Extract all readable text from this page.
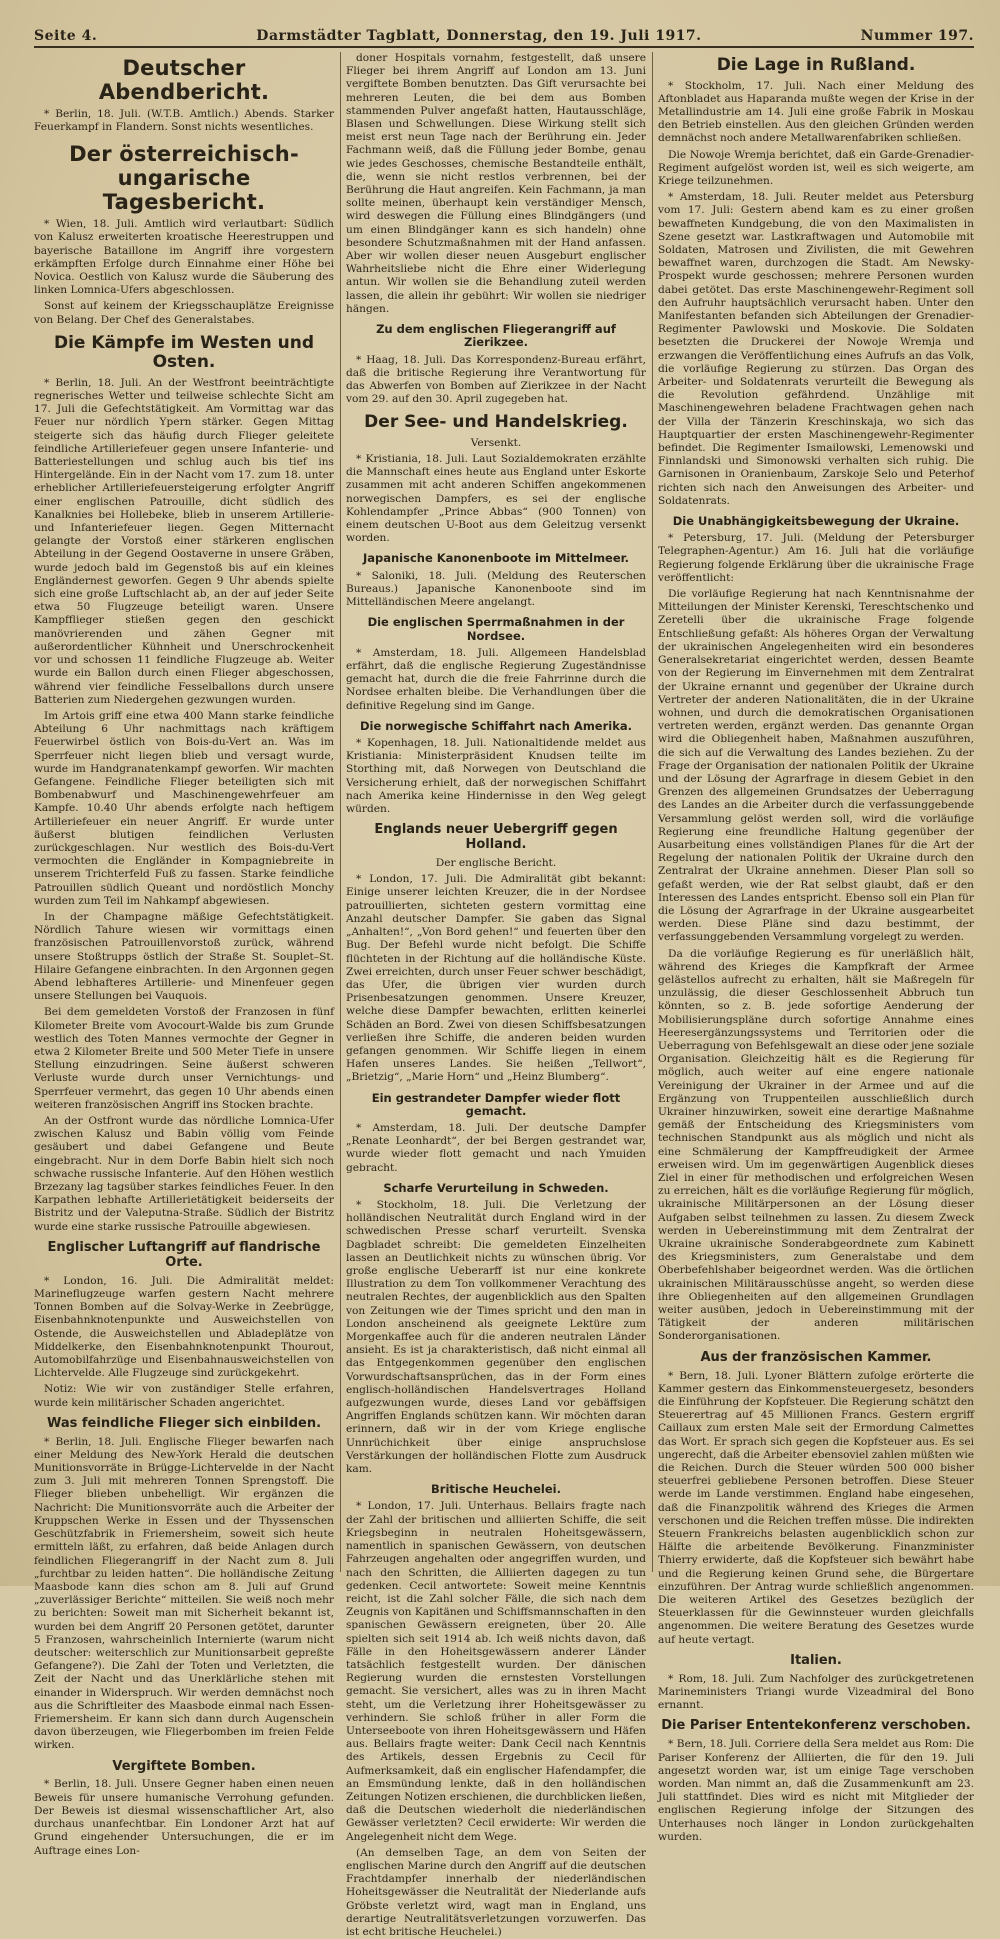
Seite 4.	Darmstädter Tagblatt, Donnerstag, den 19. Juli 1917.	Nummer 197.
Deutscher Abendbericht.

* Berlin, 18. Juli. (W.T.B. Amtlich.) Abends. Starker Feuerkampf in Flandern. Sonst nichts wesentliches.

Der österreichisch-ungarische Tagesbericht.

* Wien, 18. Juli. Amtlich wird verlautbart: Südlich von Kalusz erweiterten kroatische Heerestruppen und bayerische Bataillone im Angriff ihre vorgestern erkämpften Erfolge durch Einnahme einer Höhe bei Novica. Oestlich von Kalusz wurde die Säuberung des linken Lomnica-Ufers abgeschlossen.

Sonst auf keinem der Kriegsschauplätze Ereignisse von Belang. Der Chef des Generalstabes.

Die Kämpfe im Westen und Osten.

* Berlin, 18. Juli. An der Westfront beeinträchtigte regnerisches Wetter und teilweise schlechte Sicht am 17. Juli die Gefechtstätigkeit. Am Vormittag war das Feuer nur nördlich Ypern stärker. Gegen Mittag steigerte sich das häufig durch Flieger geleitete feindliche Artilleriefeuer gegen unsere Infanterie- und Batteriestellungen und schlug auch bis tief ins Hintergelände. Ein in der Nacht vom 17. zum 18. unter erheblicher Artilleriefeuersteigerung erfolgter Angriff einer englischen Patrouille, dicht südlich des Kanalknies bei Hollebeke, blieb in unserem Artillerie- und Infanteriefeuer liegen. Gegen Mitternacht gelangte der Vorstoß einer stärkeren englischen Abteilung in der Gegend Oostaverne in unsere Gräben, wurde jedoch bald im Gegenstoß bis auf ein kleines Engländernest geworfen. Gegen 9 Uhr abends spielte sich eine große Luftschlacht ab, an der auf jeder Seite etwa 50 Flugzeuge beteiligt waren. Unsere Kampfflieger stießen gegen den geschickt manövrierenden und zähen Gegner mit außerordentlicher Kühnheit und Unerschrockenheit vor und schossen 11 feindliche Flugzeuge ab. Weiter wurde ein Ballon durch einen Flieger abgeschossen, während vier feindliche Fesselballons durch unsere Batterien zum Niedergehen gezwungen wurden.

Im Artois griff eine etwa 400 Mann starke feindliche Abteilung 6 Uhr nachmittags nach kräftigem Feuerwirbel östlich von Bois-du-Vert an. Was im Sperrfeuer nicht liegen blieb und versagt wurde, wurde im Handgranatenkampf geworfen. Wir machten Gefangene. Feindliche Flieger beteiligten sich mit Bombenabwurf und Maschinengewehrfeuer am Kampfe. 10.40 Uhr abends erfolgte nach heftigem Artilleriefeuer ein neuer Angriff. Er wurde unter äußerst blutigen feindlichen Verlusten zurückgeschlagen. Nur westlich des Bois-du-Vert vermochten die Engländer in Kompagniebreite in unserem Trichterfeld Fuß zu fassen. Starke feindliche Patrouillen südlich Queant und nordöstlich Monchy wurden zum Teil im Nahkampf abgewiesen.

In der Champagne mäßige Gefechtstätigkeit. Nördlich Tahure wiesen wir vormittags einen französischen Patrouillenvorstoß zurück, während unsere Stoßtrupps östlich der Straße St. Souplet–St. Hilaire Gefangene einbrachten. In den Argonnen gegen Abend lebhafteres Artillerie- und Minenfeuer gegen unsere Stellungen bei Vauquois.

Bei dem gemeldeten Vorstoß der Franzosen in fünf Kilometer Breite vom Avocourt-Walde bis zum Grunde westlich des Toten Mannes vermochte der Gegner in etwa 2 Kilometer Breite und 500 Meter Tiefe in unsere Stellung einzudringen. Seine äußerst schweren Verluste wurde durch unser Vernichtungs- und Sperrfeuer vermehrt, das gegen 10 Uhr abends einen weiteren französischen Angriff ins Stocken brachte.

An der Ostfront wurde das nördliche Lomnica-Ufer zwischen Kalusz und Babin völlig vom Feinde gesäubert und dabei Gefangene und Beute eingebracht. Nur in dem Dorfe Babin hielt sich noch schwache russische Infanterie. Auf den Höhen westlich Brzezany lag tagsüber starkes feindliches Feuer. In den Karpathen lebhafte Artillerietätigkeit beiderseits der Bistritz und der Valeputna-Straße. Südlich der Bistritz wurde eine starke russische Patrouille abgewiesen.

Englischer Luftangriff auf flandrische Orte.

* London, 16. Juli. Die Admiralität meldet: Marineflugzeuge warfen gestern Nacht mehrere Tonnen Bomben auf die Solvay-Werke in Zeebrügge, Eisenbahnknotenpunkte und Ausweichstellen von Ostende, die Ausweichstellen und Abladeplätze von Middelkerke, den Eisenbahnknotenpunkt Thourout, Automobilfahrzüge und Eisenbahnausweichstellen von Lichtervelde. Alle Flugzeuge sind zurückgekehrt.

Notiz: Wie wir von zuständiger Stelle erfahren, wurde kein militärischer Schaden angerichtet.

Was feindliche Flieger sich einbilden.

* Berlin, 18. Juli. Englische Flieger bewarfen nach einer Meldung des New-York Herald die deutschen Munitionsvorräte in Brügge-Lichtervelde in der Nacht zum 3. Juli mit mehreren Tonnen Sprengstoff. Die Flieger blieben unbehelligt. Wir ergänzen die Nachricht: Die Munitionsvorräte auch die Arbeiter der Kruppschen Werke in Essen und der Thyssenschen Geschützfabrik in Friemersheim, soweit sich heute ermitteln läßt, zu erfahren, daß beide Anlagen durch feindlichen Fliegerangriff in der Nacht zum 8. Juli „furchtbar zu leiden hatten“. Die holländische Zeitung Maasbode kann dies schon am 8. Juli auf Grund „zuverlässiger Berichte“ mitteilen. Sie weiß noch mehr zu berichten: Soweit man mit Sicherheit bekannt ist, wurden bei dem Angriff 20 Personen getötet, darunter 5 Franzosen, wahrscheinlich Internierte (warum nicht deutscher: weiterschlich zur Munitionsarbeit gepreßte Gefangene?). Die Zahl der Toten und Verletzten, die Zeit der Nacht und das Unerklärliche stehen mit einander in Widerspruch. Wir werden demnächst noch aus die Schriftleiter des Maasbode einmal nach Essen-Friemersheim. Er kann sich dann durch Augenschein davon überzeugen, wie Fliegerbomben im freien Felde wirken.

Vergiftete Bomben.

* Berlin, 18. Juli. Unsere Gegner haben einen neuen Beweis für unsere humanische Verrohung gefunden. Der Beweis ist diesmal wissenschaftlicher Art, also durchaus unanfechtbar. Ein Londoner Arzt hat auf Grund eingehender Untersuchungen, die er im Auftrage eines Lon-

doner Hospitals vornahm, festgestellt, daß unsere Flieger bei ihrem Angriff auf London am 13. Juni vergiftete Bomben benutzten. Das Gift verursachte bei mehreren Leuten, die bei dem aus Bomben stammenden Pulver angefaßt hatten, Hautausschläge, Blasen und Schwellungen. Diese Wirkung stellt sich meist erst neun Tage nach der Berührung ein. Jeder Fachmann weiß, daß die Füllung jeder Bombe, genau wie jedes Geschosses, chemische Bestandteile enthält, die, wenn sie nicht restlos verbrennen, bei der Berührung die Haut angreifen. Kein Fachmann, ja man sollte meinen, überhaupt kein verständiger Mensch, wird deswegen die Füllung eines Blindgängers (und um einen Blindgänger kann es sich handeln) ohne besondere Schutzmaßnahmen mit der Hand anfassen. Aber wir wollen dieser neuen Ausgeburt englischer Wahrheitsliebe nicht die Ehre einer Widerlegung antun. Wir wollen sie die Behandlung zuteil werden lassen, die allein ihr gebührt: Wir wollen sie niedriger hängen.

Zu dem englischen Fliegerangriff auf Zierikzee.

* Haag, 18. Juli. Das Korrespondenz-Bureau erfährt, daß die britische Regierung ihre Verantwortung für das Abwerfen von Bomben auf Zierikzee in der Nacht vom 29. auf den 30. April zugegeben hat.

Der See- und Handelskrieg.
Versenkt.

* Kristiania, 18. Juli. Laut Sozialdemokraten erzählte die Mannschaft eines heute aus England unter Eskorte zusammen mit acht anderen Schiffen angekommenen norwegischen Dampfers, es sei der englische Kohlendampfer „Prince Abbas“ (900 Tonnen) von einem deutschen U-Boot aus dem Geleitzug versenkt worden.

Japanische Kanonenboote im Mittelmeer.

* Saloniki, 18. Juli. (Meldung des Reuterschen Bureaus.) Japanische Kanonenboote sind im Mittelländischen Meere angelangt.

Die englischen Sperrmaßnahmen in der Nordsee.

* Amsterdam, 18. Juli. Allgemeen Handelsblad erfährt, daß die englische Regierung Zugeständnisse gemacht hat, durch die die freie Fahrrinne durch die Nordsee erhalten bleibe. Die Verhandlungen über die definitive Regelung sind im Gange.

Die norwegische Schiffahrt nach Amerika.

* Kopenhagen, 18. Juli. Nationaltidende meldet aus Kristiania: Ministerpräsident Knudsen teilte im Storthing mit, daß Norwegen von Deutschland die Versicherung erhielt, daß der norwegischen Schiffahrt nach Amerika keine Hindernisse in den Weg gelegt würden.

Englands neuer Uebergriff gegen Holland.
Der englische Bericht.

* London, 17. Juli. Die Admiralität gibt bekannt: Einige unserer leichten Kreuzer, die in der Nordsee patrouillierten, sichteten gestern vormittag eine Anzahl deutscher Dampfer. Sie gaben das Signal „Anhalten!“, „Von Bord gehen!“ und feuerten über den Bug. Der Befehl wurde nicht befolgt. Die Schiffe flüchteten in der Richtung auf die holländische Küste. Zwei erreichten, durch unser Feuer schwer beschädigt, das Ufer, die übrigen vier wurden durch Prisenbesatzungen genommen. Unsere Kreuzer, welche diese Dampfer bewachten, erlitten keinerlei Schäden an Bord. Zwei von diesen Schiffsbesatzungen verließen ihre Schiffe, die anderen beiden wurden gefangen genommen. Wir Schiffe liegen in einem Hafen unseres Landes. Sie heißen „Tellwort“, „Brietzig“, „Marie Horn“ und „Heinz Blumberg“.

Ein gestrandeter Dampfer wieder flott gemacht.

* Amsterdam, 18. Juli. Der deutsche Dampfer „Renate Leonhardt“, der bei Bergen gestrandet war, wurde wieder flott gemacht und nach Ymuiden gebracht.

Scharfe Verurteilung in Schweden.

* Stockholm, 18. Juli. Die Verletzung der holländischen Neutralität durch England wird in der schwedischen Presse scharf verurteilt. Svenska Dagbladet schreibt: Die gemeldeten Einzelheiten lassen an Deutlichkeit nichts zu wünschen übrig. Vor große englische Ueberarff ist nur eine konkrete Illustration zu dem Ton vollkommener Verachtung des neutralen Rechtes, der augenblicklich aus den Spalten von Zeitungen wie der Times spricht und den man in London anscheinend als geeignete Lektüre zum Morgenkaffee auch für die anderen neutralen Länder ansieht. Es ist ja charakteristisch, daß nicht einmal all das Entgegenkommen gegenüber den englischen Vorwurdschaftsansprüchen, das in der Form eines englisch-holländischen Handelsvertrages Holland aufgezwungen wurde, dieses Land vor gebäffsigen Angriffen Englands schützen kann. Wir möchten daran erinnern, daß wir in der vom Kriege englische Unnrüchichkeit über einige anspruchslose Verstärkungen der holländischen Flotte zum Ausdruck kam.

Britische Heuchelei.

* London, 17. Juli. Unterhaus. Bellairs fragte nach der Zahl der britischen und alliierten Schiffe, die seit Kriegsbeginn in neutralen Hoheitsgewässern, namentlich in spanischen Gewässern, von deutschen Fahrzeugen angehalten oder angegriffen wurden, und nach den Schritten, die Alliierten dagegen zu tun gedenken. Cecil antwortete: Soweit meine Kenntnis reicht, ist die Zahl solcher Fälle, die sich nach dem Zeugnis von Kapitänen und Schiffsmannschaften in den spanischen Gewässern ereigneten, über 20. Alle spielten sich seit 1914 ab. Ich weiß nichts davon, daß Fälle in den Hoheitsgewässern anderer Länder tatsächlich festgestellt wurden. Der dänischen Regierung wurden die ernstesten Vorstellungen gemacht. Sie versichert, alles was zu in ihren Macht steht, um die Verletzung ihrer Hoheitsgewässer zu verhindern. Sie schloß früher in aller Form die Unterseeboote von ihren Hoheitsgewässern und Häfen aus. Bellairs fragte weiter: Dank Cecil nach Kenntnis des Artikels, dessen Ergebnis zu Cecil für Aufmerksamkeit, daß ein englischer Hafendampfer, die an Emsmündung lenkte, daß in den holländischen Zeitungen Notizen erschienen, die durchblicken ließen, daß die Deutschen wiederholt die niederländischen Gewässer verletzten? Cecil erwiderte: Wir werden die Angelegenheit nicht dem Wege.

(An demselben Tage, an dem von Seiten der englischen Marine durch den Angriff auf die deutschen Frachtdampfer innerhalb der niederländischen Hoheitsgewässer die Neutralität der Niederlande aufs Gröbste verletzt wird, wagt man in England, uns derartige Neutralitätsverletzungen vorzuwerfen. Das ist echt britische Heuchelei.)

Die Lage in Rußland.

* Stockholm, 17. Juli. Nach einer Meldung des Aftonbladet aus Haparanda mußte wegen der Krise in der Metallindustrie am 14. Juli eine große Fabrik in Moskau den Betrieb einstellen. Aus den gleichen Gründen werden demnächst noch andere Metallwarenfabriken schließen.

Die Nowoje Wremja berichtet, daß ein Garde-Grenadier-Regiment aufgelöst worden ist, weil es sich weigerte, am Kriege teilzunehmen.

* Amsterdam, 18. Juli. Reuter meldet aus Petersburg vom 17. Juli: Gestern abend kam es zu einer großen bewaffneten Kundgebung, die von den Maximalisten in Szene gesetzt war. Lastkraftwagen und Automobile mit Soldaten, Matrosen und Zivilisten, die mit Gewehren bewaffnet waren, durchzogen die Stadt. Am Newsky-Prospekt wurde geschossen; mehrere Personen wurden dabei getötet. Das erste Maschinengewehr-Regiment soll den Aufruhr hauptsächlich verursacht haben. Unter den Manifestanten befanden sich Abteilungen der Grenadier-Regimenter Pawlowski und Moskovie. Die Soldaten besetzten die Druckerei der Nowoje Wremja und erzwangen die Veröffentlichung eines Aufrufs an das Volk, die vorläufige Regierung zu stürzen. Das Organ des Arbeiter- und Soldatenrats verurteilt die Bewegung als die Revolution gefährdend. Unzählige mit Maschinengewehren beladene Frachtwagen gehen nach der Villa der Tänzerin Kreschinskaja, wo sich das Hauptquartier der ersten Maschinengewehr-Regimenter befindet. Die Regimenter Ismailowski, Lemenowski und Finnlandski und Simonowski verhalten sich ruhig. Die Garnisonen in Oranienbaum, Zarskoje Selo und Peterhof richten sich nach den Anweisungen des Arbeiter- und Soldatenrats.

Die Unabhängigkeitsbewegung der Ukraine.

* Petersburg, 17. Juli. (Meldung der Petersburger Telegraphen-Agentur.) Am 16. Juli hat die vorläufige Regierung folgende Erklärung über die ukrainische Frage veröffentlicht:

Die vorläufige Regierung hat nach Kenntnisnahme der Mitteilungen der Minister Kerenski, Tereschtschenko und Zeretelli über die ukrainische Frage folgende Entschließung gefaßt: Als höheres Organ der Verwaltung der ukrainischen Angelegenheiten wird ein besonderes Generalsekretariat eingerichtet werden, dessen Beamte von der Regierung im Einvernehmen mit dem Zentralrat der Ukraine ernannt und gegenüber der Ukraine durch Vertreter der anderen Nationalitäten, die in der Ukraine wohnen, und durch die demokratischen Organisationen vertreten werden, ergänzt werden. Das genannte Organ wird die Obliegenheit haben, Maßnahmen auszuführen, die sich auf die Verwaltung des Landes beziehen. Zu der Frage der Organisation der nationalen Politik der Ukraine und der Lösung der Agrarfrage in diesem Gebiet in den Grenzen des allgemeinen Grundsatzes der Ueberragung des Landes an die Arbeiter durch die verfassunggebende Versammlung gelöst werden soll, wird die vorläufige Regierung eine freundliche Haltung gegenüber der Ausarbeitung eines vollständigen Planes für die Art der Regelung der nationalen Politik der Ukraine durch den Zentralrat der Ukraine annehmen. Dieser Plan soll so gefaßt werden, wie der Rat selbst glaubt, daß er den Interessen des Landes entspricht. Ebenso soll ein Plan für die Lösung der Agrarfrage in der Ukraine ausgearbeitet werden. Diese Pläne sind dazu bestimmt, der verfassunggebenden Versammlung vorgelegt zu werden.

Da die vorläufige Regierung es für unerläßlich hält, während des Krieges die Kampfkraft der Armee gelästellos aufrecht zu erhalten, hält sie Maßregeln für unzulässig, die dieser Geschlossenheit Abbruch tun könnten, so z. B. jede sofortige Aenderung der Mobilisierungspläne durch sofortige Annahme eines Heeresergänzungssystems und Territorien oder die Ueberragung von Befehlsgewalt an diese oder jene soziale Organisation. Gleichzeitig hält es die Regierung für möglich, auch weiter auf eine engere nationale Vereinigung der Ukrainer in der Armee und auf die Ergänzung von Truppenteilen ausschließlich durch Ukrainer hinzuwirken, soweit eine derartige Maßnahme gemäß der Entscheidung des Kriegsministers vom technischen Standpunkt aus als möglich und nicht als eine Schmälerung der Kampffreudigkeit der Armee erweisen wird. Um im gegenwärtigen Augenblick dieses Ziel in einer für methodischen und erfolgreichen Wesen zu erreichen, hält es die vorläufige Regierung für möglich, ukrainische Militärpersonen an der Lösung dieser Aufgaben selbst teilnehmen zu lassen. Zu diesem Zweck werden in Uebereinstimmung mit dem Zentralrat der Ukraine ukrainische Sonderabgeordnete zum Kabinett des Kriegsministers, zum Generalstabe und dem Oberbefehlshaber beigeordnet werden. Was die örtlichen ukrainischen Militärausschüsse angeht, so werden diese ihre Obliegenheiten auf den allgemeinen Grundlagen weiter ausüben, jedoch in Uebereinstimmung mit der Tätigkeit der anderen militärischen Sonderorganisationen.

Aus der französischen Kammer.

* Bern, 18. Juli. Lyoner Blättern zufolge erörterte die Kammer gestern das Einkommensteuergesetz, besonders die Einführung der Kopfsteuer. Die Regierung schätzt den Steuerertrag auf 45 Millionen Francs. Gestern ergriff Caillaux zum ersten Male seit der Ermordung Calmettes das Wort. Er sprach sich gegen die Kopfsteuer aus. Es sei ungerecht, daß die Arbeiter ebensoviel zahlen müßten wie die Reichen. Durch die Steuer würden 500 000 bisher steuerfrei gebliebene Personen betroffen. Diese Steuer werde im Lande verstimmen. England habe eingesehen, daß die Finanzpolitik während des Krieges die Armen verschonen und die Reichen treffen müsse. Die indirekten Steuern Frankreichs belasten augenblicklich schon zur Hälfte die arbeitende Bevölkerung. Finanzminister Thierry erwiderte, daß die Kopfsteuer sich bewährt habe und die Regierung keinen Grund sehe, die Bürgertare einzuführen. Der Antrag wurde schließlich angenommen. Die weiteren Artikel des Gesetzes bezüglich der Steuerklassen für die Gewinnsteuer wurden gleichfalls angenommen. Die weitere Beratung des Gesetzes wurde auf heute vertagt.

Italien.

* Rom, 18. Juli. Zum Nachfolger des zurückgetretenen Marineministers Triangi wurde Vizeadmiral del Bono ernannt.

Die Pariser Ententekonferenz verschoben.

* Bern, 18. Juli. Corriere della Sera meldet aus Rom: Die Pariser Konferenz der Alliierten, die für den 19. Juli angesetzt worden war, ist um einige Tage verschoben worden. Man nimmt an, daß die Zusammenkunft am 23. Juli stattfindet. Dies wird es nicht mit Mitglieder der englischen Regierung infolge der Sitzungen des Unterhauses noch länger in London zurückgehalten wurden.
